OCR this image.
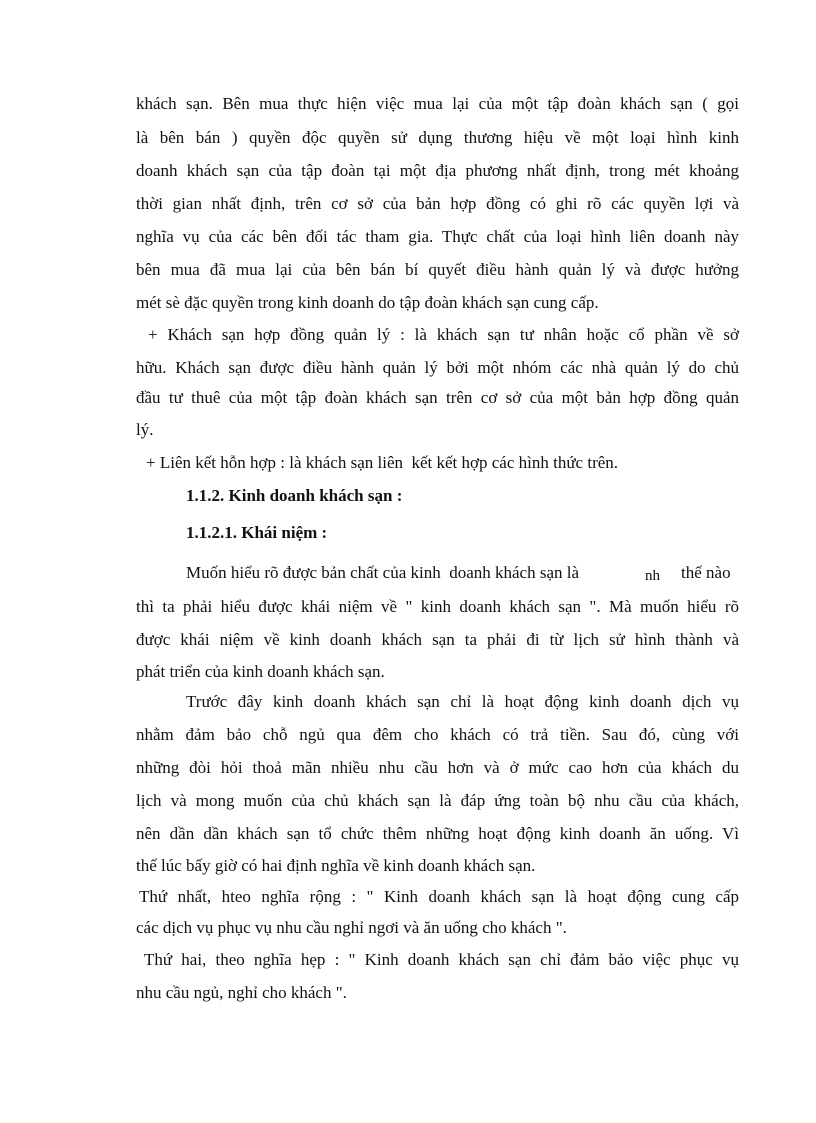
khách sạn. Bên mua thực hiện việc mua lại của một tập đoàn khách sạn ( gọi

là bên bán ) quyền độc quyền sử dụng thương hiệu về một loại hình kinh

doanh khách sạn của tập đoàn tại một địa phương nhất định, trong mét khoảng

thời gian nhất định, trên cơ sở của bản hợp đồng có ghi rõ các quyền lợi và

nghĩa vụ của các bên đối tác tham gia. Thực chất của loại hình liên doanh này

bên mua đã mua lại của bên bán bí quyết điều hành quản lý và được hưởng

mét sè đặc quyền trong kinh doanh do tập đoàn khách sạn cung cấp.

+ Khách sạn hợp đồng quản lý : là khách sạn tư nhân hoặc cổ phần về sở

hữu. Khách sạn được điều hành quản lý bởi một nhóm các nhà quản lý do chủ

đầu tư thuê của một tập đoàn khách sạn trên cơ sở của một bản hợp đồng quản

lý.

+ Liên kết hỗn hợp : là khách sạn liên  kết kết hợp các hình thức trên.

1.1.2. Kinh doanh khách sạn :

1.1.2.1. Khái niệm :

Muốn hiểu rõ được bản chất của kinh  doanh khách sạn là	nh thế nào

thì ta phải hiểu được khái niệm về " kinh doanh khách sạn ". Mà muốn hiểu rõ

được khái niệm về kinh doanh khách sạn ta phải đi từ lịch sử hình thành và

phát triển của kinh doanh khách sạn.

Trước đây kinh doanh khách sạn chỉ là hoạt động kinh doanh dịch vụ

nhằm đảm bảo chỗ ngủ qua đêm cho khách có trả tiền. Sau đó, cùng với

những đòi hỏi thoả mãn nhiều nhu cầu hơn và ở mức cao hơn của khách du

lịch và mong muốn của chủ khách sạn là đáp ứng toàn bộ nhu cầu của khách,

nên dần dần khách sạn tổ chức thêm những hoạt động kinh doanh ăn uống. Vì

thế lúc bấy giờ có hai định nghĩa về kinh doanh khách sạn.

Thứ nhất, hteo nghĩa rộng : " Kinh doanh khách sạn là hoạt động cung cấp

các dịch vụ phục vụ nhu cầu nghỉ ngơi và ăn uống cho khách ".

Thứ hai, theo nghĩa hẹp : " Kinh doanh khách sạn chỉ đảm bảo việc phục vụ

nhu cầu ngủ, nghỉ cho khách ".
